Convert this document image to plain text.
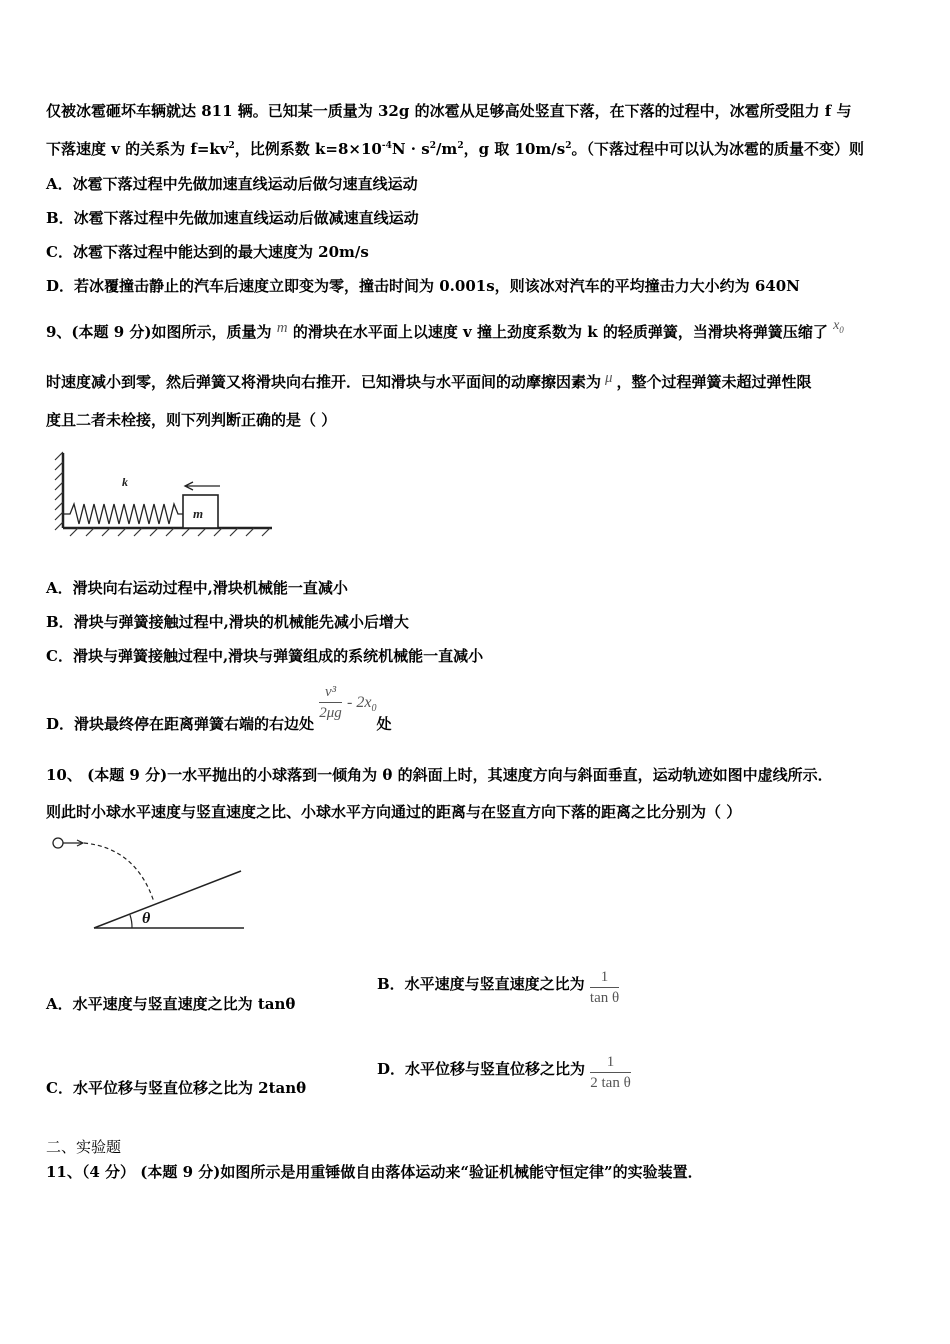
仅被冰雹砸坏车辆就达 811 辆。已知某一质量为 32g 的冰雹从足够高处竖直下落，在下落的过程中，冰雹所受阻力 f 与
下落速度 v 的关系为 $f=kv^2$，比例系数 $k=8\times 10^{-4}N \cdot s^2/m^2$，g 取 $10m/s^2$。（下落过程中可以认为冰雹的质量不变）则
A．冰雹下落过程中先做加速直线运动后做匀速直线运动
B．冰雹下落过程中先做加速直线运动后做减速直线运动
C．冰雹下落过程中能达到的最大速度为 20m/s
D．若冰覆撞击静止的汽车后速度立即变为零，撞击时间为 0.001s，则该冰对汽车的平均撞击力大小约为 640N
9、(本题 9 分)如图所示，质量为 m 的滑块在水平面上以速度 v 撞上劲度系数为 k 的轻质弹簧，当滑块将弹簧压缩了 $x_0$
时速度减小到零，然后弹簧又将滑块向右推开．已知滑块与水平面间的动摩擦因素为 μ ，整个过程弹簧未超过弹性限
度且二者未栓接，则下列判断正确的是（ ）
m
k
A．滑块向右运动过程中,滑块机械能一直减小
B．滑块与弹簧接触过程中,滑块的机械能先减小后增大
C．滑块与弹簧接触过程中,滑块与弹簧组成的系统机械能一直减小
D．滑块最终停在距离弹簧右端的右边处
$\frac{\text{v³}}{2\mu g} - 2x_0$处
10、 (本题 9 分)一水平抛出的小球落到一倾角为 θ 的斜面上时，其速度方向与斜面垂直，运动轨迹如图中虚线所示．
则此时小球水平速度与竖直速度之比、小球水平方向通过的距离与在竖直方向下落的距离之比分别为（ ）
θ
A．水平速度与竖直速度之比为 tanθ
B．水平速度与竖直速度之比为 $\frac{1}{\text{tan θ}}$
C．水平位移与竖直位移之比为 2tanθ
D．水平位移与竖直位移之比为 $\frac{1}{\text{2 tan θ}}$
二、实验题
11、（4 分） (本题 9 分)如图所示是用重锤做自由落体运动来“验证机械能守恒定律”的实验装置．
